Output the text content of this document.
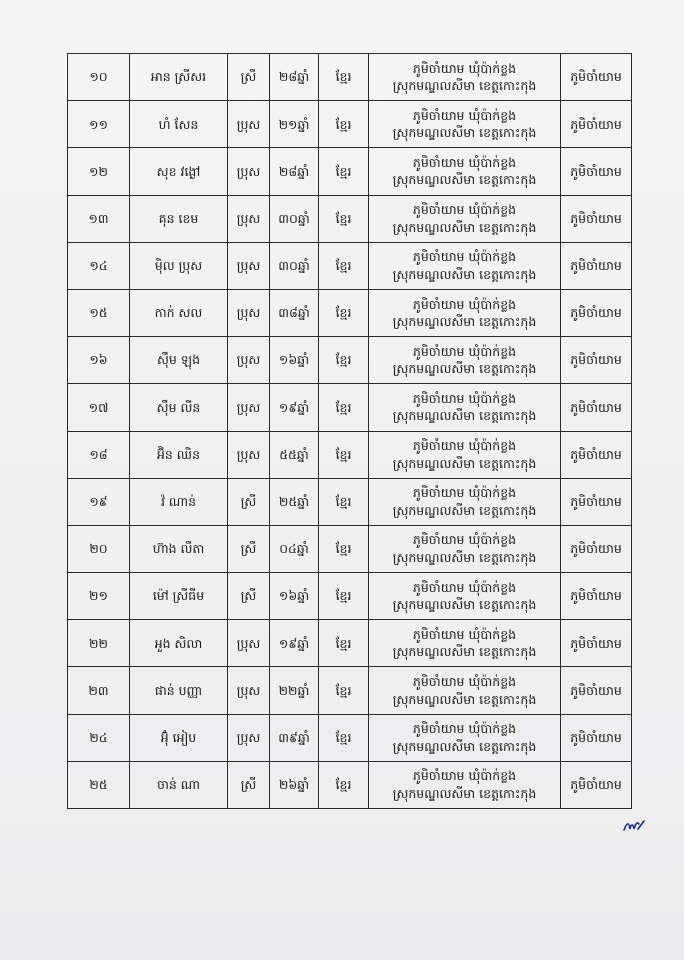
១០	អាន ស្រីសរ	ស្រី	២៨ឆ្នាំ	ខ្មែរ	ភូមិចាំយាម ឃុំប៉ាក់ខ្លង
ស្រុកមណ្ឌលសីមា ខេត្តកោះកុង	ភូមិចាំយាម
១១	ហំ សែន	ប្រុស	២១ឆ្នាំ	ខ្មែរ	ភូមិចាំយាម ឃុំប៉ាក់ខ្លង
ស្រុកមណ្ឌលសីមា ខេត្តកោះកុង	ភូមិចាំយាម
១២	សុខ វង្ងៅ	ប្រុស	២៨ឆ្នាំ	ខ្មែរ	ភូមិចាំយាម ឃុំប៉ាក់ខ្លង
ស្រុកមណ្ឌលសីមា ខេត្តកោះកុង	ភូមិចាំយាម
១៣	គុន ខេម	ប្រុស	៣០ឆ្នាំ	ខ្មែរ	ភូមិចាំយាម ឃុំប៉ាក់ខ្លង
ស្រុកមណ្ឌលសីមា ខេត្តកោះកុង	ភូមិចាំយាម
១៤	ម៉ិល ប្រុស	ប្រុស	៣០ឆ្នាំ	ខ្មែរ	ភូមិចាំយាម ឃុំប៉ាក់ខ្លង
ស្រុកមណ្ឌលសីមា ខេត្តកោះកុង	ភូមិចាំយាម
១៥	កាក់ សល	ប្រុស	៣៨ឆ្នាំ	ខ្មែរ	ភូមិចាំយាម ឃុំប៉ាក់ខ្លង
ស្រុកមណ្ឌលសីមា ខេត្តកោះកុង	ភូមិចាំយាម
១៦	ស៊ឹម ឡុង	ប្រុស	១៦ឆ្នាំ	ខ្មែរ	ភូមិចាំយាម ឃុំប៉ាក់ខ្លង
ស្រុកមណ្ឌលសីមា ខេត្តកោះកុង	ភូមិចាំយាម
១៧	ស៊ឹម លីន	ប្រុស	១៩ឆ្នាំ	ខ្មែរ	ភូមិចាំយាម ឃុំប៉ាក់ខ្លង
ស្រុកមណ្ឌលសីមា ខេត្តកោះកុង	ភូមិចាំយាម
១៨	អ៊ិន ឈិន	ប្រុស	៥៥ឆ្នាំ	ខ្មែរ	ភូមិចាំយាម ឃុំប៉ាក់ខ្លង
ស្រុកមណ្ឌលសីមា ខេត្តកោះកុង	ភូមិចាំយាម
១៩	វ៉ ណាន់	ស្រី	២៥ឆ្នាំ	ខ្មែរ	ភូមិចាំយាម ឃុំប៉ាក់ខ្លង
ស្រុកមណ្ឌលសីមា ខេត្តកោះកុង	ភូមិចាំយាម
២០	ហ៊ាង លីតា	ស្រី	០៤ឆ្នាំ	ខ្មែរ	ភូមិចាំយាម ឃុំប៉ាក់ខ្លង
ស្រុកមណ្ឌលសីមា ខេត្តកោះកុង	ភូមិចាំយាម
២១	ម៉ៅ ស្រីធីម	ស្រី	១៦ឆ្នាំ	ខ្មែរ	ភូមិចាំយាម ឃុំប៉ាក់ខ្លង
ស្រុកមណ្ឌលសីមា ខេត្តកោះកុង	ភូមិចាំយាម
២២	អួង សិលា	ប្រុស	១៩ឆ្នាំ	ខ្មែរ	ភូមិចាំយាម ឃុំប៉ាក់ខ្លង
ស្រុកមណ្ឌលសីមា ខេត្តកោះកុង	ភូមិចាំយាម
២៣	ផាន់ បញ្ញា	ប្រុស	២២ឆ្នាំ	ខ្មែរ	ភូមិចាំយាម ឃុំប៉ាក់ខ្លង
ស្រុកមណ្ឌលសីមា ខេត្តកោះកុង	ភូមិចាំយាម
២៤	អ៊ុំ អៀប	ប្រុស	៣៩ឆ្នាំ	ខ្មែរ	ភូមិចាំយាម ឃុំប៉ាក់ខ្លង
ស្រុកមណ្ឌលសីមា ខេត្តកោះកុង	ភូមិចាំយាម
២៥	ចាន់ ណា	ស្រី	២៦ឆ្នាំ	ខ្មែរ	ភូមិចាំយាម ឃុំប៉ាក់ខ្លង
ស្រុកមណ្ឌលសីមា ខេត្តកោះកុង	ភូមិចាំយាម
